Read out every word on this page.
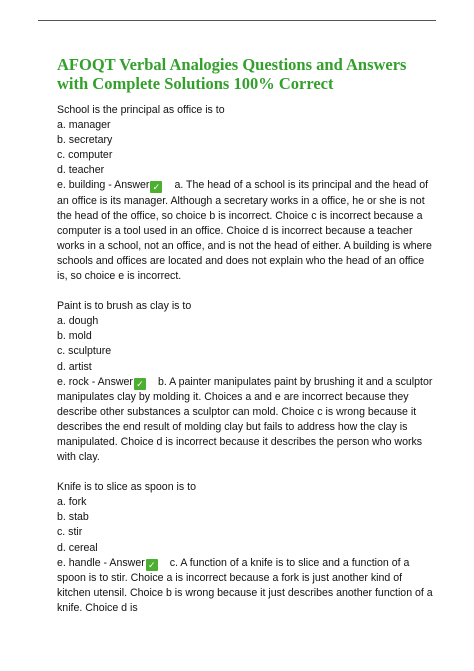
AFOQT Verbal Analogies Questions and Answers with Complete Solutions 100% Correct

School is the principal as office is to

a. manager

b. secretary

c. computer

d. teacher

e. building - Answer ✓ a. The head of a school is its principal and the head of an office is its manager. Although a secretary works in a office, he or she is not the head of the office, so choice b is incorrect. Choice c is incorrect because a computer is a tool used in an office. Choice d is incorrect because a teacher works in a school, not an office, and is not the head of either. A building is where schools and offices are located and does not explain who the head of an office is, so choice e is incorrect.

Paint is to brush as clay is to

a. dough

b. mold

c. sculpture

d. artist

e. rock - Answer ✓ b. A painter manipulates paint by brushing it and a sculptor manipulates clay by molding it. Choices a and e are incorrect because they describe other substances a sculptor can mold. Choice c is wrong because it describes the end result of molding clay but fails to address how the clay is manipulated. Choice d is incorrect because it describes the person who works with clay.

Knife is to slice as spoon is to

a. fork

b. stab

c. stir

d. cereal

e. handle - Answer ✓ c. A function of a knife is to slice and a function of a spoon is to stir. Choice a is incorrect because a fork is just another kind of kitchen utensil. Choice b is wrong because it just describes another function of a knife. Choice d is
